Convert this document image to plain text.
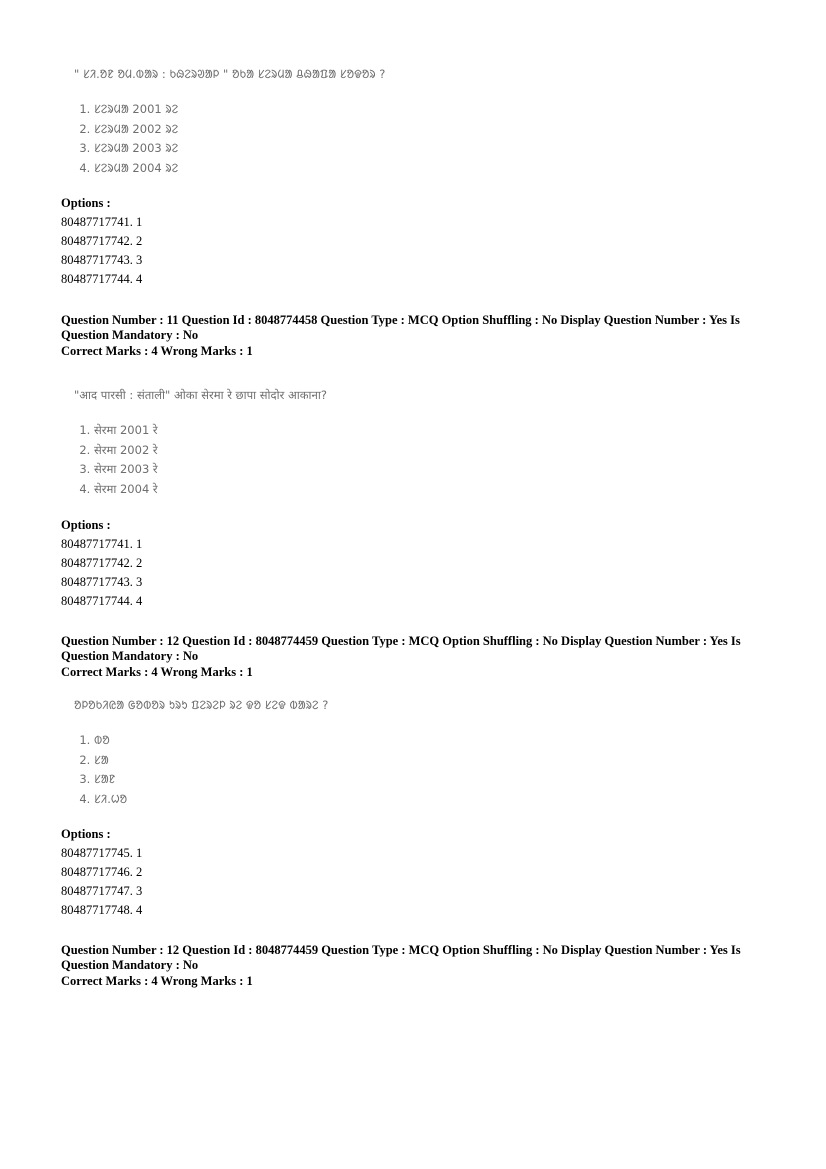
" ᱥᱤ.ᱚᱱ ᱚᱢ.ᱵᱟᱨ : ᱠᱷᱮᱨᱣᱟᱞ " ᱚᱠᱟ ᱥᱮᱨᱢᱟ ᱪᱷᱟᱯᱟ ᱥᱚᱫᱚᱨ ?
1. ᱥᱮᱨᱢᱟ 2001 ᱨᱮ
2. ᱥᱮᱨᱢᱟ 2002 ᱨᱮ
3. ᱥᱮᱨᱢᱟ 2003 ᱨᱮ
4. ᱥᱮᱨᱢᱟ 2004 ᱨᱮ
Options :
80487717741. 1
80487717742. 2
80487717743. 3
80487717744. 4
Question Number : 11 Question Id : 8048774458 Question Type : MCQ Option Shuffling : No Display Question Number : Yes Is
Question Mandatory : No
Correct Marks : 4 Wrong Marks : 1
"आद पारसी : संताली" ओका सेरमा रे छापा सोदोर आकाना?
1. सेरमा 2001 रे
2. सेरमा 2002 रे
3. सेरमा 2003 रे
4. सेरमा 2004 रे
Options :
80487717741. 1
80487717742. 2
80487717743. 3
80487717744. 4
Question Number : 12 Question Id : 8048774459 Question Type : MCQ Option Shuffling : No Display Question Number : Yes Is
Question Mandatory : No
Correct Marks : 4 Wrong Marks : 1
ᱚᱞᱚᱠᱤᱭᱟ ᱜᱚᱵᱚᱨ ᱩᱨᱩ ᱯᱮᱨᱮᱞ ᱨᱮ ᱫᱚ ᱥᱮᱫ ᱵᱟᱨᱮ ?
1. ᱵᱚ
2. ᱥᱟ
3. ᱥᱟᱱ
4. ᱥᱤ.ᱦᱚ
Options :
80487717745. 1
80487717746. 2
80487717747. 3
80487717748. 4
Question Number : 12 Question Id : 8048774459 Question Type : MCQ Option Shuffling : No Display Question Number : Yes Is
Question Mandatory : No
Correct Marks : 4 Wrong Marks : 1
